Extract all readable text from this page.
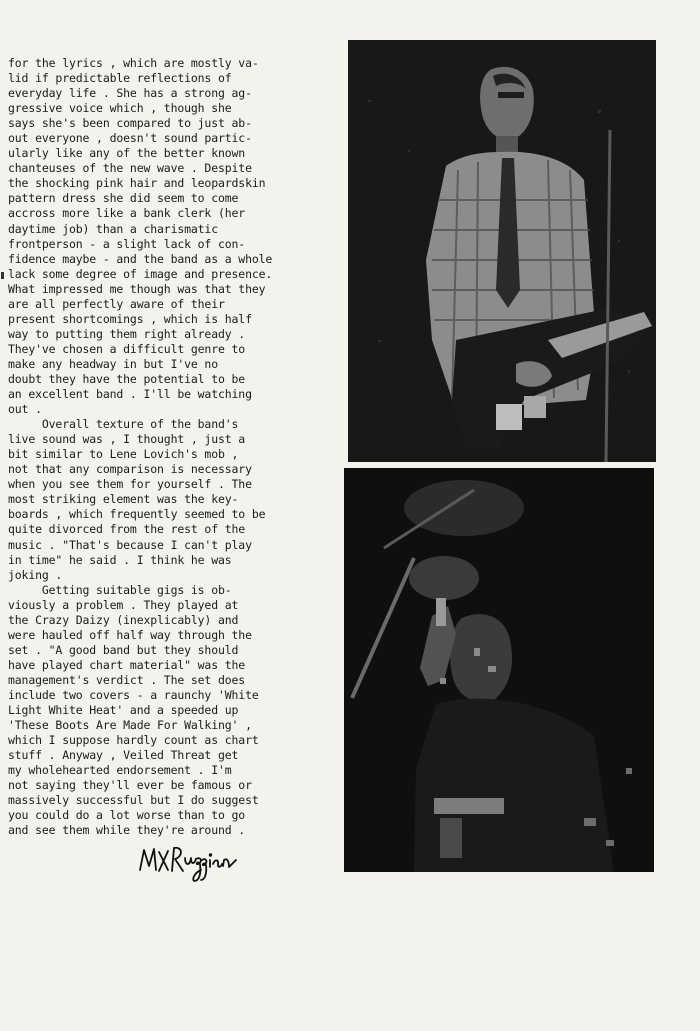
for the lyrics , which are mostly va-
lid if predictable reflections of
everyday life . She has a strong ag-
gressive voice which , though she
says she's been compared to just ab-
out everyone , doesn't sound partic-
ularly like any of the better known
chanteuses of the new wave . Despite
the shocking pink hair and leopardskin
pattern dress she did seem to come
accross more like a bank clerk (her
daytime job) than a charismatic
frontperson - a slight lack of con-
fidence maybe - and the band as a whole
lack some degree of image and presence.
What impressed me though was that they
are all perfectly aware of their
present shortcomings , which is half
way to putting them right already .
They've chosen a difficult genre to
make any headway in but I've no
doubt they have the potential to be
an excellent band . I'll be watching
out .
Overall texture of the band's
live sound was , I thought , just a
bit similar to Lene Lovich's mob ,
not that any comparison is necessary
when you see them for yourself . The
most striking element was the key-
boards , which frequently seemed to be
quite divorced from the rest of the
music . "That's because I can't play
in time" he said . I think he was
joking .
Getting suitable gigs is ob-
viously a problem . They played at
the Crazy Daizy (inexplicably) and
were hauled off half way through the
set . "A good band but they should
have played chart material" was the
management's verdict . The set does
include two covers - a raunchy 'White
Light White Heat' and a speeded up
'These Boots Are Made For Walking' ,
which I suppose hardly count as chart
stuff . Anyway , Veiled Threat get
my wholehearted endorsement . I'm
not saying they'll ever be famous or
massively successful but I do suggest
you could do a lot worse than to go
and see them while they're around .
